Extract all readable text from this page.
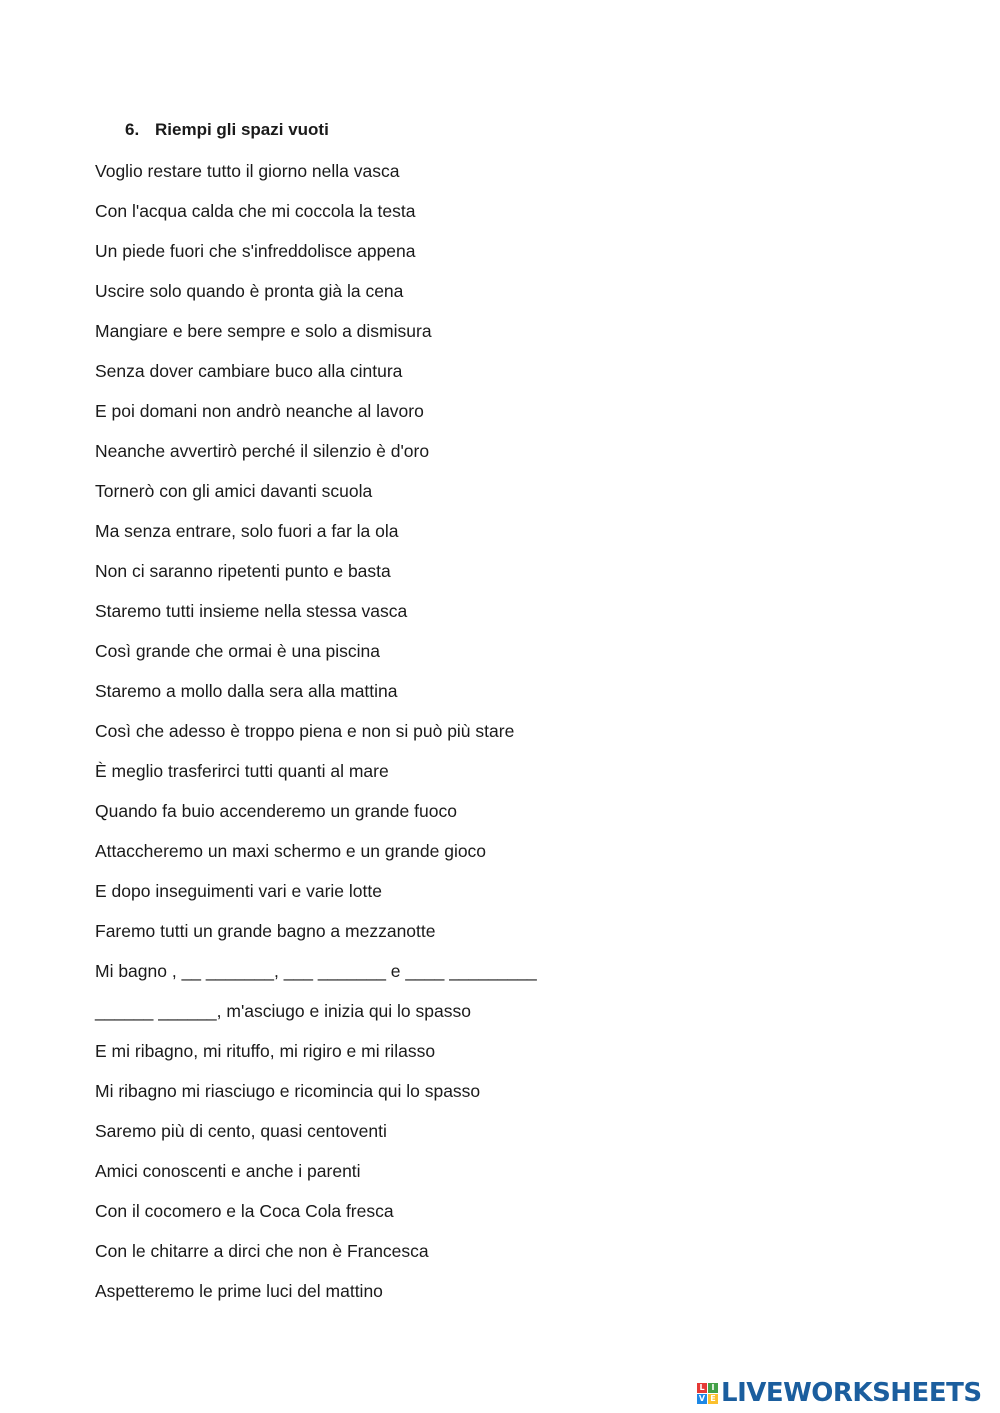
6. Riempi gli spazi vuoti
Voglio restare tutto il giorno nella vasca
Con l'acqua calda che mi coccola la testa
Un piede fuori che s'infreddolisce appena
Uscire solo quando è pronta già la cena
Mangiare e bere sempre e solo a dismisura
Senza dover cambiare buco alla cintura
E poi domani non andrò neanche al lavoro
Neanche avvertirò perché il silenzio è d'oro
Tornerò con gli amici davanti scuola
Ma senza entrare, solo fuori a far la ola
Non ci saranno ripetenti punto e basta
Staremo tutti insieme nella stessa vasca
Così grande che ormai è una piscina
Staremo a mollo dalla sera alla mattina
Così che adesso è troppo piena e non si può più stare
È meglio trasferirci tutti quanti al mare
Quando fa buio accenderemo un grande fuoco
Attaccheremo un maxi schermo e un grande gioco
E dopo inseguimenti vari e varie lotte
Faremo tutti un grande bagno a mezzanotte
Mi bagno , __ _______, ___ _______ e ____ _________
______ ______, m'asciugo e inizia qui lo spasso
E mi ribagno, mi rituffo, mi rigiro e mi rilasso
Mi ribagno mi riasciugo e ricomincia qui lo spasso
Saremo più di cento, quasi centoventi
Amici conoscenti e anche i parenti
Con il cocomero e la Coca Cola fresca
Con le chitarre a dirci che non è Francesca
Aspetteremo le prime luci del mattino
L I
V E LIVEWORKSHEETS
